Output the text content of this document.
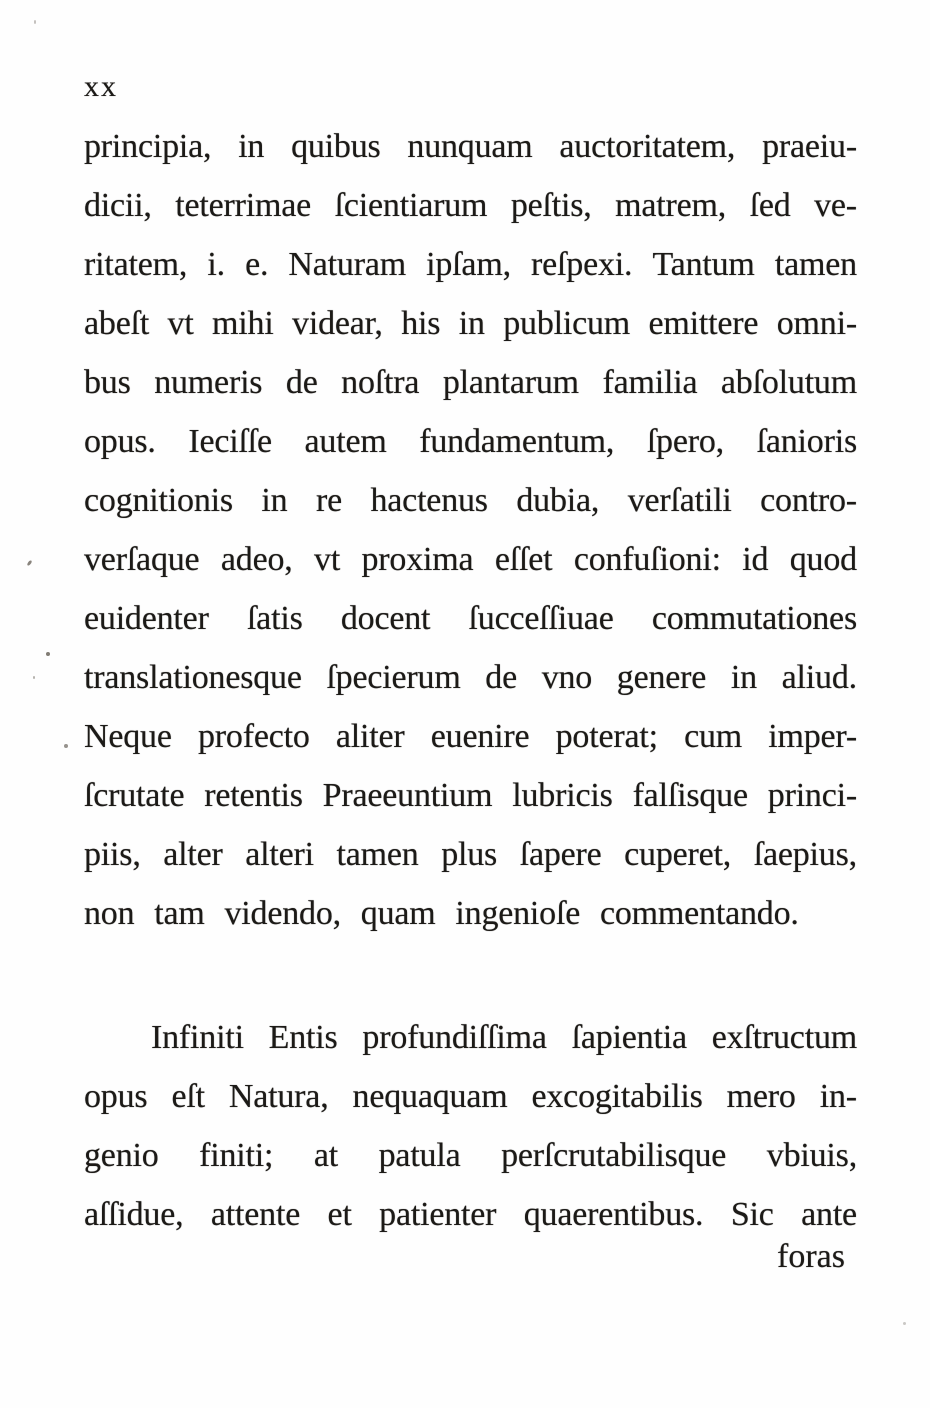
xx
principia, in quibus nunquam auctoritatem, praeiu-
dicii, teterrimae ſcientiarum peſtis, matrem, ſed ve-
ritatem, i. e. Naturam ipſam, reſpexi. Tantum tamen
abeſt vt mihi videar, his in publicum emittere omni-
bus numeris de noſtra plantarum familia abſolutum
opus. Ieciſſe autem fundamentum, ſpero, ſanioris
cognitionis in re hactenus dubia, verſatili contro-
verſaque adeo, vt proxima eſſet confuſioni: id quod
euidenter ſatis docent ſucceſſiuae commutationes
translationesque ſpecierum de vno genere in aliud.
Neque profecto aliter euenire poterat; cum imper-
ſcrutate retentis Praeeuntium lubricis falſisque princi-
piis, alter alteri tamen plus ſapere cuperet, ſaepius,
non tam videndo, quam ingenioſe commentando.
Infiniti Entis profundiſſima ſapientia exſtructum
opus eſt Natura, nequaquam excogitabilis mero in-
genio finiti; at patula perſcrutabilisque vbiuis,
aſſidue, attente et patienter quaerentibus. Sic ante
foras
